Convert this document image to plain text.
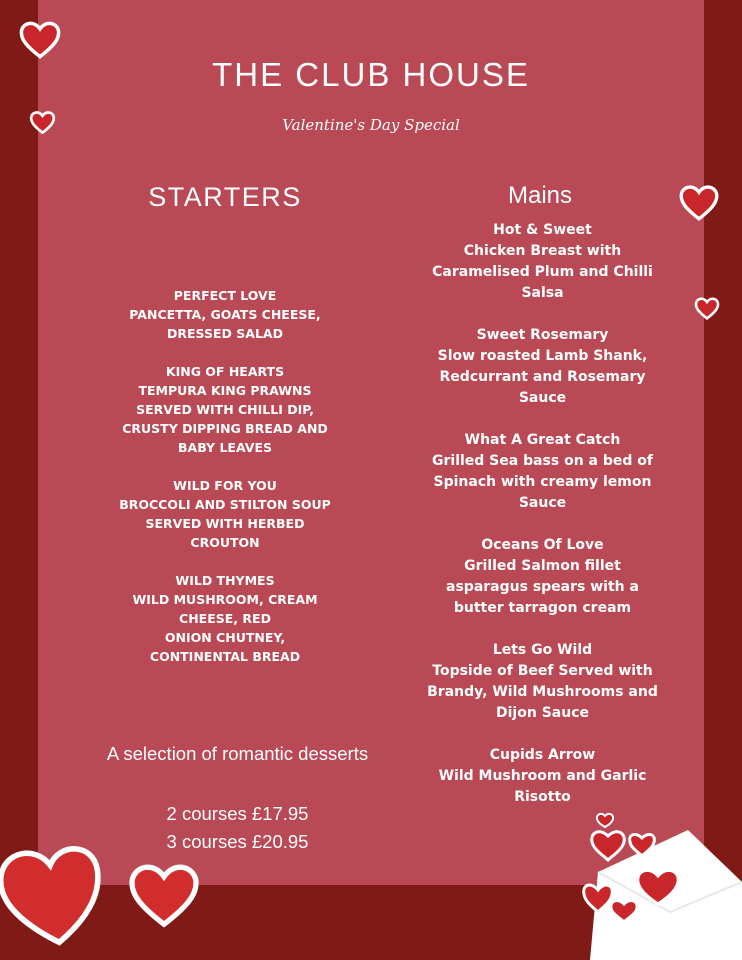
THE CLUB HOUSE
Valentine's Day Special
STARTERS	Mains
PERFECT LOVE
PANCETTA, GOATS CHEESE,
DRESSED SALAD
KING OF HEARTS
TEMPURA KING PRAWNS
SERVED WITH CHILLI DIP,
CRUSTY DIPPING BREAD AND
BABY LEAVES
WILD FOR YOU
BROCCOLI AND STILTON SOUP
SERVED WITH HERBED
CROUTON
WILD THYMES
WILD MUSHROOM, CREAM
CHEESE, RED
ONION CHUTNEY,
CONTINENTAL BREAD
Hot & Sweet
Chicken Breast with
Caramelised Plum and Chilli
Salsa
Sweet Rosemary
Slow roasted Lamb Shank,
Redcurrant and Rosemary
Sauce
What A Great Catch
Grilled Sea bass on a bed of
Spinach with creamy lemon
Sauce
Oceans Of Love
Grilled Salmon fillet
asparagus spears with a
butter tarragon cream
Lets Go Wild
Topside of Beef Served with
Brandy, Wild Mushrooms and
Dijon Sauce
Cupids Arrow
Wild Mushroom and Garlic
Risotto
A selection of romantic desserts
2 courses £17.95
3 courses £20.95
